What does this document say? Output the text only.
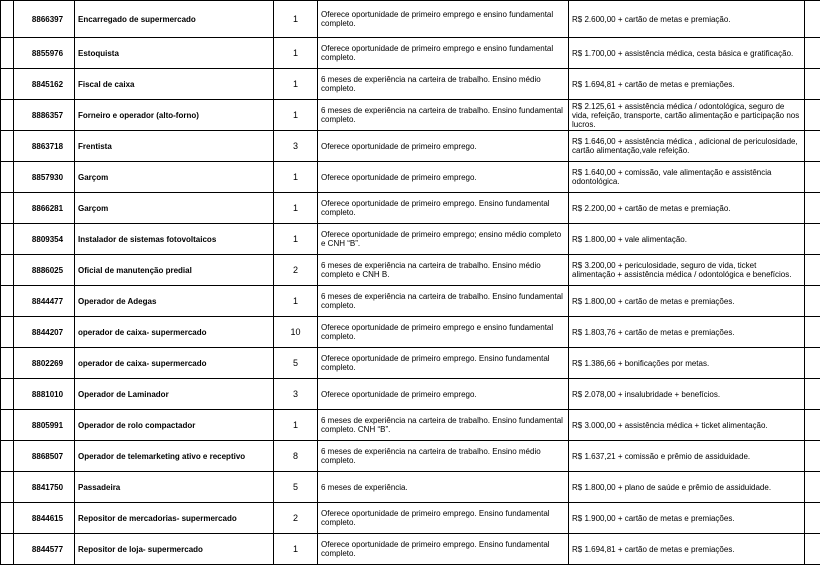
	8866397	Encarregado de supermercado	1	Oferece oportunidade de primeiro emprego e ensino fundamental completo.	R$ 2.600,00 + cartão de metas e premiação.	
	8855976	Estoquista	1	Oferece oportunidade de primeiro emprego e ensino fundamental completo.	R$ 1.700,00 + assistência médica, cesta básica e gratificação.	
	8845162	Fiscal de caixa	1	6 meses de experiência na carteira de trabalho. Ensino médio completo.	R$ 1.694,81 + cartão de metas e premiações.	
	8886357	Forneiro e operador (alto-forno)	1	6 meses de experiência na carteira de trabalho. Ensino fundamental completo.	R$ 2.125,61 + assistência médica / odontológica, seguro de vida, refeição, transporte, cartão alimentação e participação nos lucros.	
	8863718	Frentista	3	Oferece oportunidade de primeiro emprego.	R$ 1.646,00 + assistência médica , adicional de periculosidade, cartão alimentação,vale refeição.	
	8857930	Garçom	1	Oferece oportunidade de primeiro emprego.	R$ 1.640,00 + comissão, vale alimentação e assistência odontológica.	
	8866281	Garçom	1	Oferece oportunidade de primeiro emprego. Ensino fundamental completo.	R$ 2.200,00 + cartão de metas e premiação.	
	8809354	Instalador de sistemas fotovoltaicos	1	Oferece oportunidade de primeiro emprego; ensino médio completo e CNH “B”.	R$ 1.800,00 + vale alimentação.	
	8886025	Oficial de manutenção predial	2	6 meses de experiência na carteira de trabalho. Ensino médio completo e CNH B.	R$ 3.200,00 + periculosidade, seguro de vida, ticket alimentação + assistência médica / odontológica e benefícios.	
	8844477	Operador de Adegas	1	6 meses de experiência na carteira de trabalho. Ensino fundamental completo.	R$ 1.800,00 + cartão de metas e premiações.	
	8844207	operador de caixa- supermercado	10	Oferece oportunidade de primeiro emprego e ensino fundamental completo.	R$ 1.803,76 + cartão de metas e premiações.	
	8802269	operador de caixa- supermercado	5	Oferece oportunidade de primeiro emprego. Ensino fundamental completo.	R$ 1.386,66 + bonificações por metas.	
	8881010	Operador de Laminador	3	Oferece oportunidade de primeiro emprego.	R$ 2.078,00 + insalubridade + benefícios.	
	8805991	Operador de rolo compactador	1	6 meses de experiência na carteira de trabalho. Ensino fundamental completo. CNH “B”.	R$ 3.000,00 + assistência médica + ticket alimentação.	
	8868507	Operador de telemarketing ativo e receptivo	8	6 meses de experiência na carteira de trabalho. Ensino médio completo.	R$ 1.637,21 + comissão e prêmio de assiduidade.	
	8841750	Passadeira	5	6 meses de experiência.	R$ 1.800,00 + plano de saúde e prêmio de assiduidade.	
	8844615	Repositor de mercadorias- supermercado	2	Oferece oportunidade de primeiro emprego. Ensino fundamental completo.	R$ 1.900,00 + cartão de metas e premiações.	
	8844577	Repositor de loja- supermercado	1	Oferece oportunidade de primeiro emprego. Ensino fundamental completo.	R$ 1.694,81 + cartão de metas e premiações.	
